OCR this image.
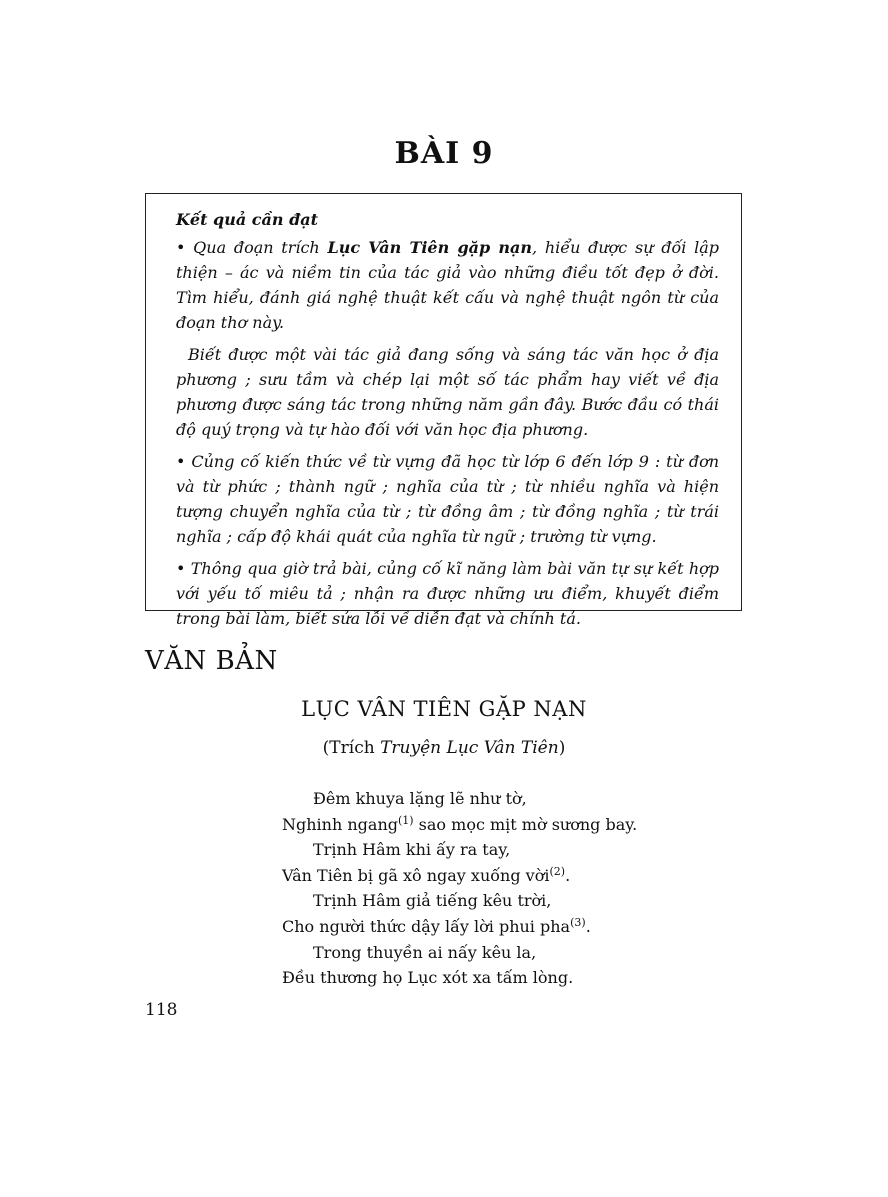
BÀI 9

Kết quả cần đạt

• Qua đoạn trích Lục Vân Tiên gặp nạn, hiểu được sự đối lập thiện – ác và niềm tin của tác giả vào những điều tốt đẹp ở đời. Tìm hiểu, đánh giá nghệ thuật kết cấu và nghệ thuật ngôn từ của đoạn thơ này.

Biết được một vài tác giả đang sống và sáng tác văn học ở địa phương ; sưu tầm và chép lại một số tác phẩm hay viết về địa phương được sáng tác trong những năm gần đây. Bước đầu có thái độ quý trọng và tự hào đối với văn học địa phương.

• Củng cố kiến thức về từ vựng đã học từ lớp 6 đến lớp 9 : từ đơn và từ phức ; thành ngữ ; nghĩa của từ ; từ nhiều nghĩa và hiện tượng chuyển nghĩa của từ ; từ đồng âm ; từ đồng nghĩa ; từ trái nghĩa ; cấp độ khái quát của nghĩa từ ngữ ; trường từ vựng.

• Thông qua giờ trả bài, củng cố kĩ năng làm bài văn tự sự kết hợp với yếu tố miêu tả ; nhận ra được những ưu điểm, khuyết điểm trong bài làm, biết sửa lỗi về diễn đạt và chính tả.

VĂN BẢN
LỤC VÂN TIÊN GẶP NẠN
(Trích Truyện Lục Vân Tiên)
Đêm khuya lặng lẽ như tờ,
Nghinh ngang$^{(1)}$ sao mọc mịt mờ sương bay.
Trịnh Hâm khi ấy ra tay,
Vân Tiên bị gã xô ngay xuống vời$^{(2)}$.
Trịnh Hâm giả tiếng kêu trời,
Cho người thức dậy lấy lời phui pha$^{(3)}$.
Trong thuyền ai nấy kêu la,
Đều thương họ Lục xót xa tấm lòng.
118
